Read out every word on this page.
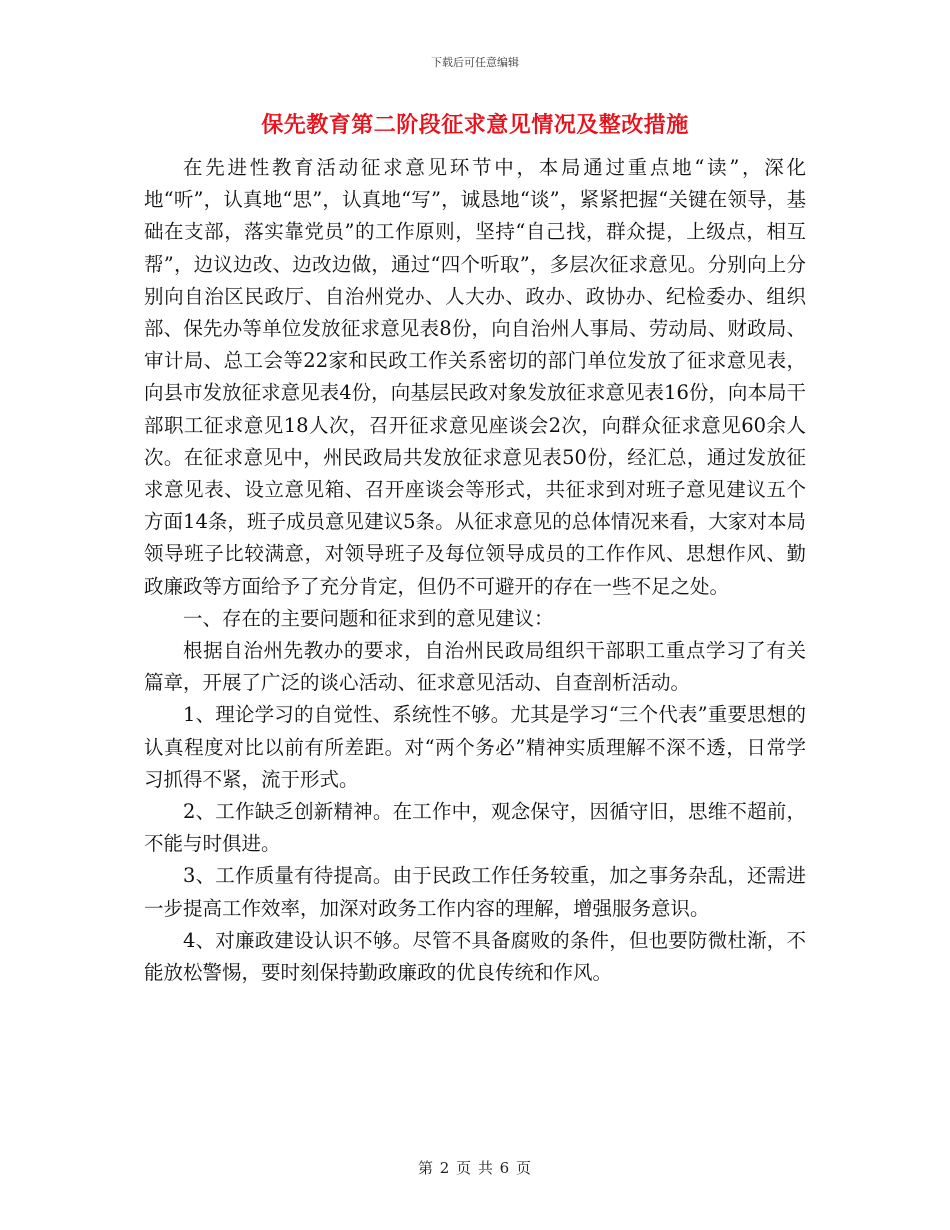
下载后可任意编辑
保先教育第二阶段征求意见情况及整改措施

在先进性教育活动征求意见环节中，本局通过重点地“读”，深化地“听”，认真地“思”，认真地“写”，诚恳地“谈”，紧紧把握“关键在领导，基础在支部，落实靠党员”的工作原则，坚持“自己找，群众提，上级点，相互帮”，边议边改、边改边做，通过“四个听取”，多层次征求意见。分别向上分别向自治区民政厅、自治州党办、人大办、政办、政协办、纪检委办、组织部、保先办等单位发放征求意见表8份，向自治州人事局、劳动局、财政局、审计局、总工会等22家和民政工作关系密切的部门单位发放了征求意见表，向县市发放征求意见表4份，向基层民政对象发放征求意见表16份，向本局干部职工征求意见18人次，召开征求意见座谈会2次，向群众征求意见60余人次。在征求意见中，州民政局共发放征求意见表50份，经汇总，通过发放征求意见表、设立意见箱、召开座谈会等形式，共征求到对班子意见建议五个方面14条，班子成员意见建议5条。从征求意见的总体情况来看，大家对本局领导班子比较满意，对领导班子及每位领导成员的工作作风、思想作风、勤政廉政等方面给予了充分肯定，但仍不可避开的存在一些不足之处。

一、存在的主要问题和征求到的意见建议：

根据自治州先教办的要求，自治州民政局组织干部职工重点学习了有关篇章，开展了广泛的谈心活动、征求意见活动、自查剖析活动。

1、理论学习的自觉性、系统性不够。尤其是学习“三个代表”重要思想的认真程度对比以前有所差距。对“两个务必”精神实质理解不深不透，日常学习抓得不紧，流于形式。

2、工作缺乏创新精神。在工作中，观念保守，因循守旧，思维不超前，不能与时俱进。

3、工作质量有待提高。由于民政工作任务较重，加之事务杂乱，还需进一步提高工作效率，加深对政务工作内容的理解，增强服务意识。

4、对廉政建设认识不够。尽管不具备腐败的条件，但也要防微杜渐，不能放松警惕，要时刻保持勤政廉政的优良传统和作风。

第 2 页 共 6 页
